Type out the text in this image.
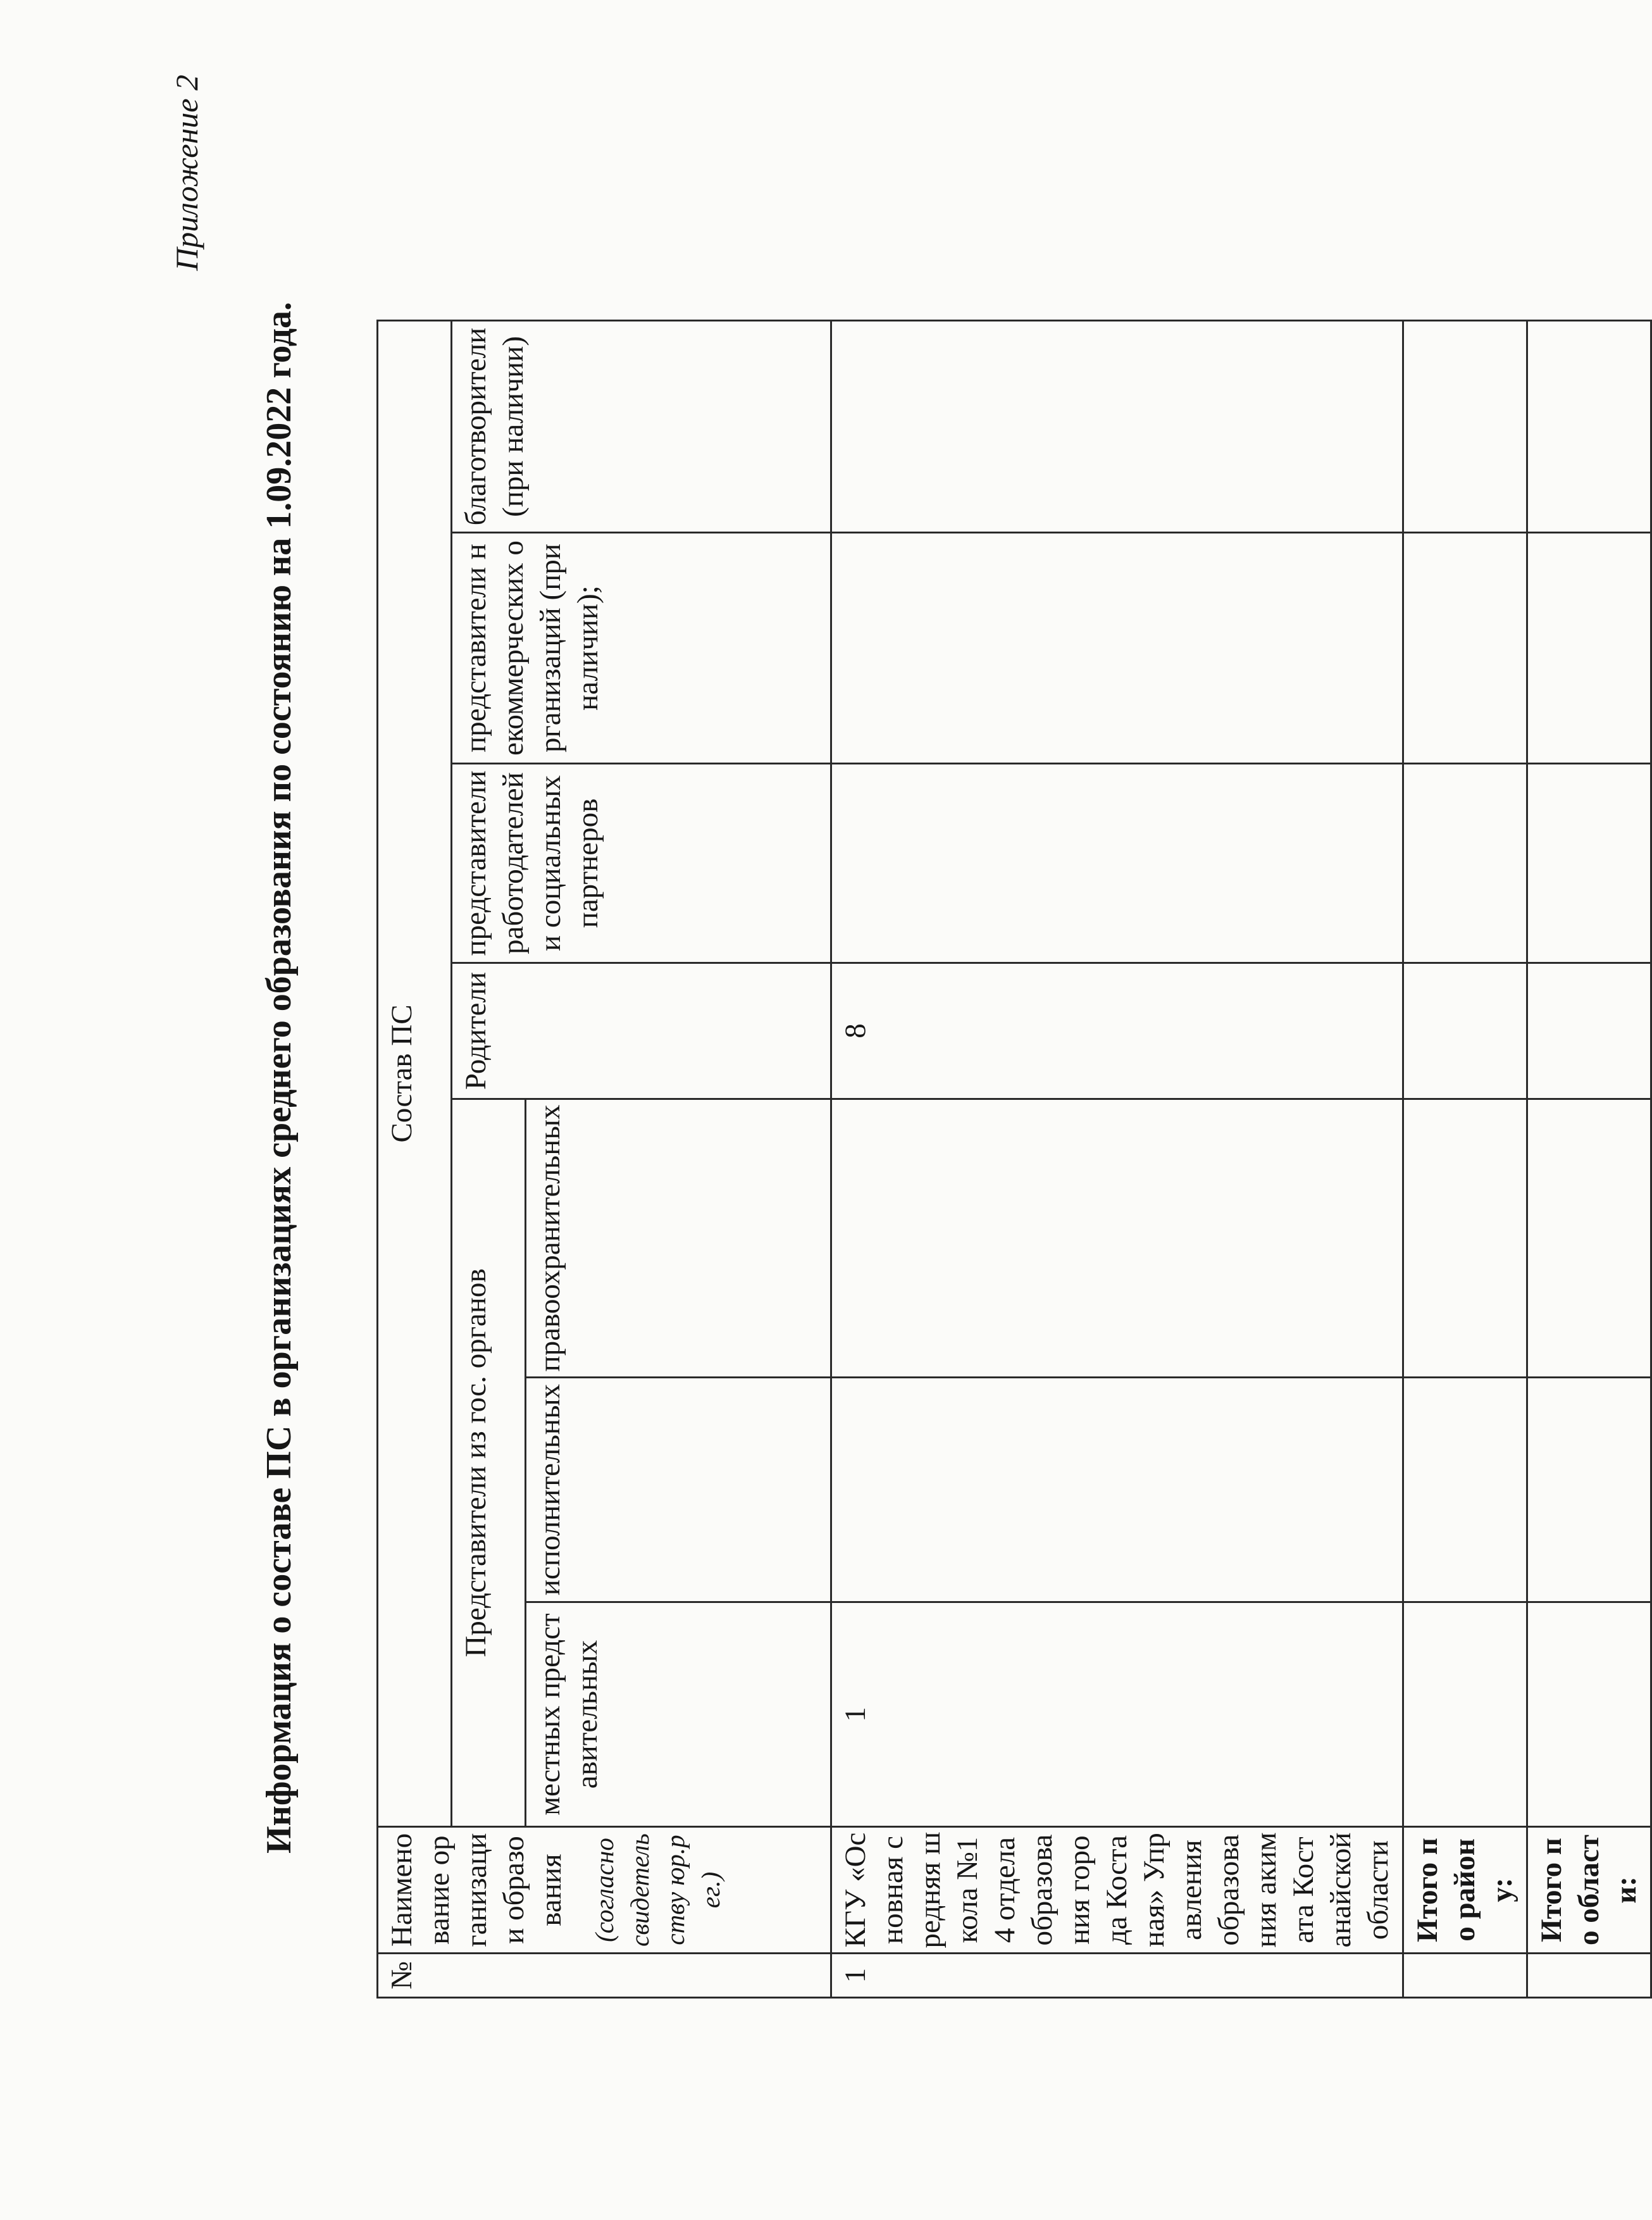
Приложение 2
Информация о составе ПС в организациях среднего образования по состоянию на 1.09.2022 года.
№	Наименование организации образования (согласно свидетельству юр.рег.)	Состав ПС						
		Представители из гос. органов			Родители	представители работодателей и социальных партнеров	представители некоммерческих организаций (при наличии);	благотворители (при наличии)
		местных представительных	исполнительных	правоохранительных				
1	КГУ «Основная средняя школа №14 отдела образования города Костаная» Управления образования акимата Костанайской области	1			8			
	Итого по району:							
	Итого по области:							
